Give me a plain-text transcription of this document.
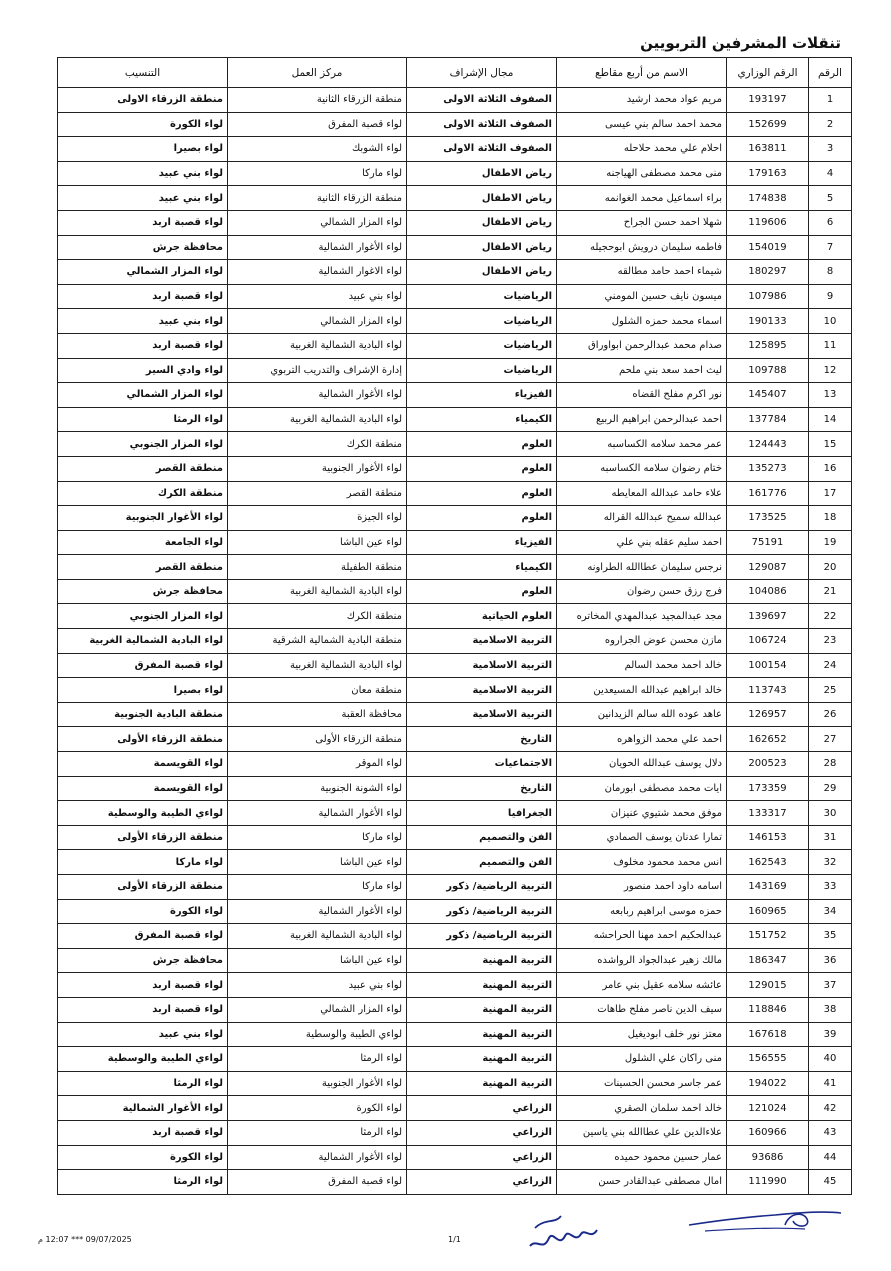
تنقلات المشرفين التربويين
الرقم	الرقم الوزاري	الاسم من أربع مقاطع	مجال الإشراف	مركز العمل	التنسيب
1	193197	مريم عواد محمد ارشيد	الصفوف الثلاثة الاولى	منطقة الزرقاء الثانية	منطقة الزرقاء الاولى
2	152699	محمد احمد سالم بني عيسى	الصفوف الثلاثة الاولى	لواء قصبة المفرق	لواء الكورة
3	163811	احلام علي محمد حلاحله	الصفوف الثلاثة الاولى	لواء الشوبك	لواء بصيرا
4	179163	منى محمد مصطفى الهياجنه	رياض الاطفال	لواء ماركا	لواء بني عبيد
5	174838	براء اسماعيل محمد الغوانمه	رياض الاطفال	منطقة الزرقاء الثانية	لواء بني عبيد
6	119606	شهلا احمد حسن الجراح	رياض الاطفال	لواء المزار الشمالي	لواء قصبة اربد
7	154019	فاطمه سليمان درويش ابوحجيله	رياض الاطفال	لواء الأغوار الشمالية	محافظة جرش
8	180297	شيماء احمد حامد مطالقه	رياض الاطفال	لواء الاغوار الشمالية	لواء المزار الشمالي
9	107986	ميسون نايف حسين المومني	الرياضيات	لواء بني عبيد	لواء قصبة اربد
10	190133	اسماء محمد حمزه الشلول	الرياضيات	لواء المزار الشمالي	لواء بني عبيد
11	125895	صدام محمد عبدالرحمن ابواوراق	الرياضيات	لواء البادية الشمالية الغربية	لواء قصبة اربد
12	109788	ليث احمد سعد بني ملحم	الرياضيات	إدارة الإشراف والتدريب التربوي	لواء وادي السير
13	145407	نور اكرم مفلح القضاه	الفيزياء	لواء الأغوار الشمالية	لواء المزار الشمالي
14	137784	احمد عبدالرحمن ابراهيم الربيع	الكيمياء	لواء البادية الشمالية الغربية	لواء الرمثا
15	124443	عمر محمد سلامه الكساسبه	العلوم	منطقة الكرك	لواء المزار الجنوبي
16	135273	ختام رضوان سلامه الكساسبه	العلوم	لواء الأغوار الجنوبية	منطقة القصر
17	161776	علاء حامد عبدالله المعايطه	العلوم	منطقة القصر	منطقة الكرك
18	173525	عبدالله سميح عبدالله القراله	العلوم	لواء الجيزة	لواء الأغوار الجنوبية
19	75191	احمد سليم عقله بني علي	الفيزياء	لواء عين الباشا	لواء الجامعة
20	129087	نرجس سليمان عطاالله الطراونه	الكيمياء	منطقة الطفيلة	منطقة القصر
21	104086	فرج رزق حسن رضوان	العلوم	لواء البادية الشمالية الغربية	محافظة جرش
22	139697	مجد عبدالمجيد عبدالمهدي المخاتره	العلوم الحياتية	منطقة الكرك	لواء المزار الجنوبي
23	106724	مازن محسن عوض الجراروه	التربية الاسلامية	منطقة البادية الشمالية الشرقية	لواء البادية الشمالية الغربية
24	100154	خالد احمد محمد السالم	التربية الاسلامية	لواء البادية الشمالية الغربية	لواء قصبة المفرق
25	113743	خالد ابراهيم عبدالله المسيعدين	التربية الاسلامية	منطقة معان	لواء بصيرا
26	126957	عاهد عوده الله سالم الزيدانين	التربية الاسلامية	محافظة العقبة	منطقة البادية الجنوبية
27	162652	احمد علي محمد الزواهره	التاريخ	منطقة الزرقاء الأولى	منطقة الزرقاء الأولى
28	200523	دلال يوسف عبدالله الحويان	الاجتماعيات	لواء الموقر	لواء القويسمة
29	173359	ايات محمد مصطفى ابورمان	التاريخ	لواء الشونة الجنوبية	لواء القويسمة
30	133317	موفق محمد شتيوي عنيزان	الجغرافيا	لواء الأغوار الشمالية	لواءي الطيبة والوسطية
31	146153	تمارا عدنان يوسف الصمادي	الفن والتصميم	لواء ماركا	منطقة الزرقاء الأولى
32	162543	انس محمد محمود مخلوف	الفن والتصميم	لواء عين الباشا	لواء ماركا
33	143169	اسامه داود احمد منصور	التربية الرياضية/ ذكور	لواء ماركا	منطقة الزرقاء الأولى
34	160965	حمزه موسى ابراهيم ربابعه	التربية الرياضية/ ذكور	لواء الأغوار الشمالية	لواء الكورة
35	151752	عبدالحكيم احمد مهنا الحراحشه	التربية الرياضية/ ذكور	لواء البادية الشمالية الغربية	لواء قصبة المفرق
36	186347	مالك زهير عبدالجواد الرواشده	التربية المهنية	لواء عين الباشا	محافظة جرش
37	129015	عائشه سلامه عقيل بني عامر	التربية المهنية	لواء بني عبيد	لواء قصبة اربد
38	118846	سيف الدين ناصر مفلح طاهات	التربية المهنية	لواء المزار الشمالي	لواء قصبة اربد
39	167618	معتز نور خلف ابوديغيل	التربية المهنية	لواءي الطيبة والوسطية	لواء بني عبيد
40	156555	منى راكان علي الشلول	التربية المهنية	لواء الرمثا	لواءي الطيبة والوسطية
41	194022	عمر جاسر محسن الحسينات	التربية المهنية	لواء الأغوار الجنوبية	لواء الرمثا
42	121024	خالد احمد سلمان الصقري	الزراعي	لواء الكورة	لواء الأغوار الشمالية
43	160966	علاءالدين علي عطاالله بني ياسين	الزراعي	لواء الرمثا	لواء قصبة اربد
44	93686	عمار حسين محمود حميده	الزراعي	لواء الأغوار الشمالية	لواء الكورة
45	111990	امال مصطفى عبدالقادر حسن	الزراعي	لواء قصبة المفرق	لواء الرمثا
1/1
09/07/2025 *** 12:07 م
